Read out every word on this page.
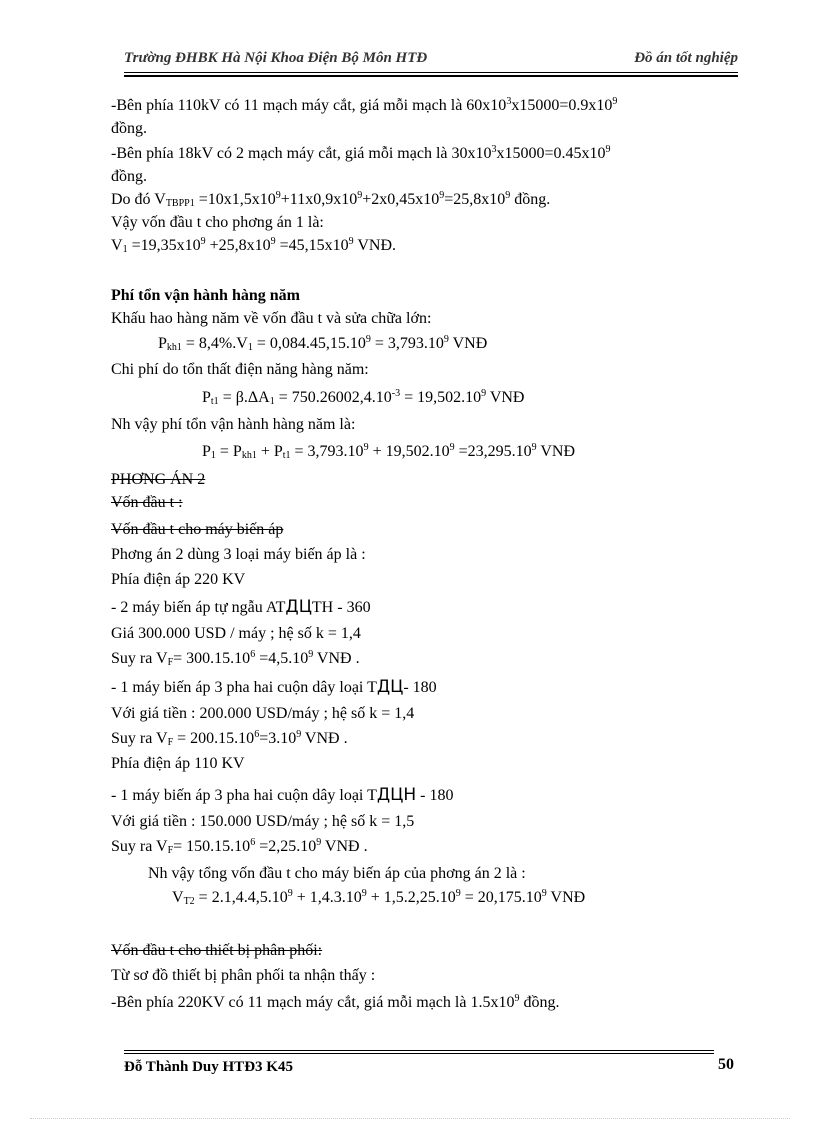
Trường ĐHBK Hà Nội Khoa Điện Bộ Môn HTĐ	Đồ án tốt nghiệp
-Bên phía 110kV có 11 mạch máy cắt, giá mỗi mạch là $60x10^3x15000=0.9x10^9$
đồng.
-Bên phía 18kV có 2 mạch máy cắt, giá mỗi mạch là $30x10^3x15000=0.45x10^9$
đồng.
Do đó $V_{TBPP1} =10x1,5x10^9+11x0,9x10^9+2x0,45x10^9=25,8x10^9$ đồng.
Vậy vốn đầu t cho phơng án 1 là:
$V_1 =19,35x10^9 +25,8x10^9 =45,15x10^9$ VNĐ.
Phí tổn vận hành hàng năm
Khấu hao hàng năm về vốn đầu t và sửa chữa lớn:
$P_{kh1} = 8,4\%.V_1 = 0,084.45,15.10^9 = 3,793.10^9$ VNĐ
Chi phí do tổn thất điện năng hàng năm:
$P_{t1} = \beta.\Delta A_1 = 750.26002,4.10^{-3} = 19,502.10^9$ VNĐ
Nh vậy phí tổn vận hành hàng năm là:
$P_1 = P_{kh1} + P_{t1} = 3,793.10^9 + 19,502.10^9 =23,295.10^9$ VNĐ
PHƠNG ÁN 2
Vốn đầu t :
Vốn đầu t cho máy biến áp
Phơng án 2 dùng 3 loại máy biến áp là :
Phía điện áp 220 KV
- 2 máy biến áp tự ngẫu ATДЦTH - 360
Giá 300.000 USD / máy ; hệ số k = 1,4
Suy ra $V_F= 300.15.10^6 =4,5.10^9$ VNĐ .
- 1 máy biến áp 3 pha hai cuộn dây loại TДЦ- 180
Với giá tiền : 200.000 USD/máy ; hệ số k = 1,4
Suy ra $V_F = 200.15.10^6=3.10^9$ VNĐ .
Phía điện áp 110 KV
- 1 máy biến áp 3 pha hai cuộn dây loại TДЦН - 180
Với giá tiền : 150.000 USD/máy ; hệ số k = 1,5
Suy ra $V_F= 150.15.10^6 =2,25.10^9$ VNĐ .
Nh vậy tổng vốn đầu t cho máy biến áp của phơng án 2 là :
$V_{T2} = 2.1,4.4,5.10^9 + 1,4.3.10^9 + 1,5.2,25.10^9 = 20,175.10^9$ VNĐ
Vốn đầu t cho thiết bị phân phối:
Từ sơ đồ thiết bị phân phối ta nhận thấy :
-Bên phía 220KV có 11 mạch máy cắt, giá mỗi mạch là $1.5x10^9$ đồng.
Đỗ Thành Duy HTĐ3 K45	50
